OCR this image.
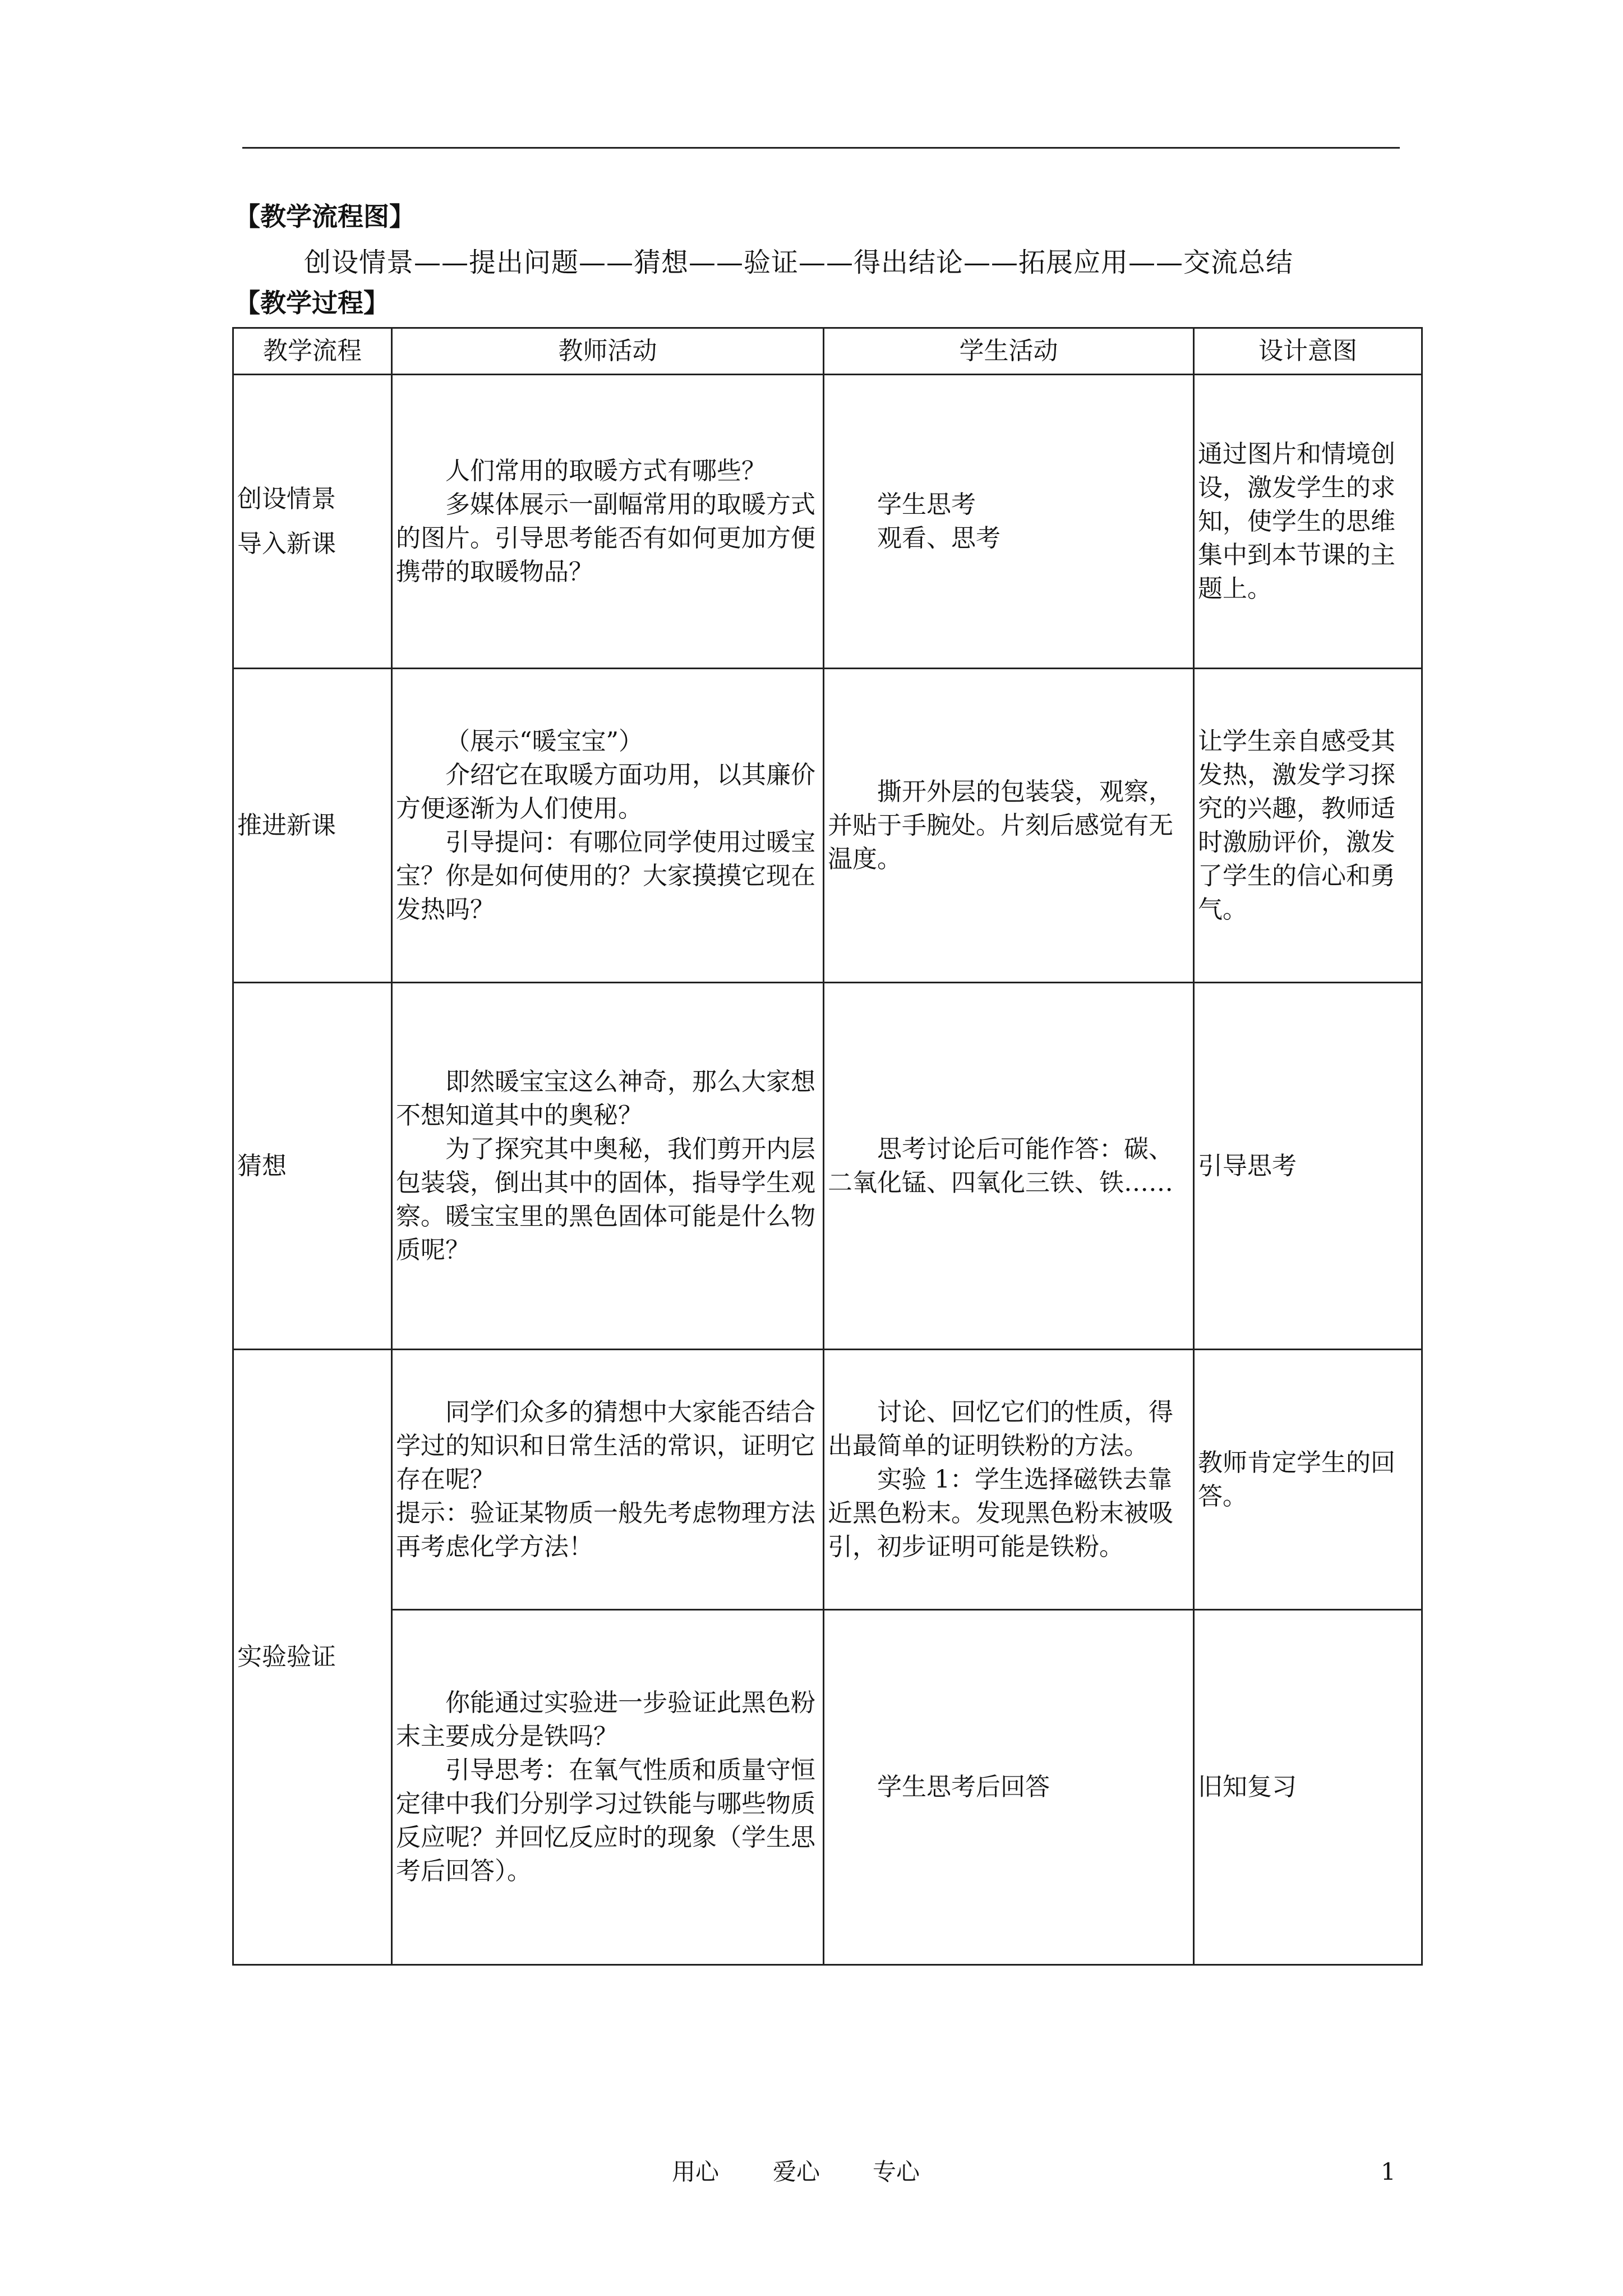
【教学流程图】
创设情景——提出问题——猜想——验证——得出结论——拓展应用——交流总结
【教学过程】
教学流程	教师活动	学生活动	设计意图

创设情景
导入新课	人们常用的取暖方式有哪些？
多媒体展示一副幅常用的取暖方式的图片。引导思考能否有如何更加方便携带的取暖物品？	学生思考
观看、思考	通过图片和情境创设，激发学生的求知，使学生的思维集中到本节课的主题上。

推进新课	（展示“暖宝宝”）
介绍它在取暖方面功用，以其廉价方便逐渐为人们使用。
引导提问：有哪位同学使用过暖宝宝？你是如何使用的？大家摸摸它现在发热吗？	撕开外层的包装袋，观察，并贴于手腕处。片刻后感觉有无温度。	让学生亲自感受其发热，激发学习探究的兴趣，教师适时激励评价，激发了学生的信心和勇气。

猜想	即然暖宝宝这么神奇，那么大家想不想知道其中的奥秘？
为了探究其中奥秘，我们剪开内层包装袋，倒出其中的固体，指导学生观察。暖宝宝里的黑色固体可能是什么物质呢？	思考讨论后可能作答：碳、二氧化锰、四氧化三铁、铁……	引导思考

实验验证	同学们众多的猜想中大家能否结合学过的知识和日常生活的常识，证明它存在呢？
提示：验证某物质一般先考虑物理方法再考虑化学方法！	讨论、回忆它们的性质，得出最简单的证明铁粉的方法。
实验 1：学生选择磁铁去靠近黑色粉末。发现黑色粉末被吸引，初步证明可能是铁粉。	教师肯定学生的回答。

	你能通过实验进一步验证此黑色粉末主要成分是铁吗？
引导思考：在氧气性质和质量守恒定律中我们分别学习过铁能与哪些物质反应呢？并回忆反应时的现象（学生思考后回答）。	学生思考后回答	旧知复习
用心 爱心 专心	1
